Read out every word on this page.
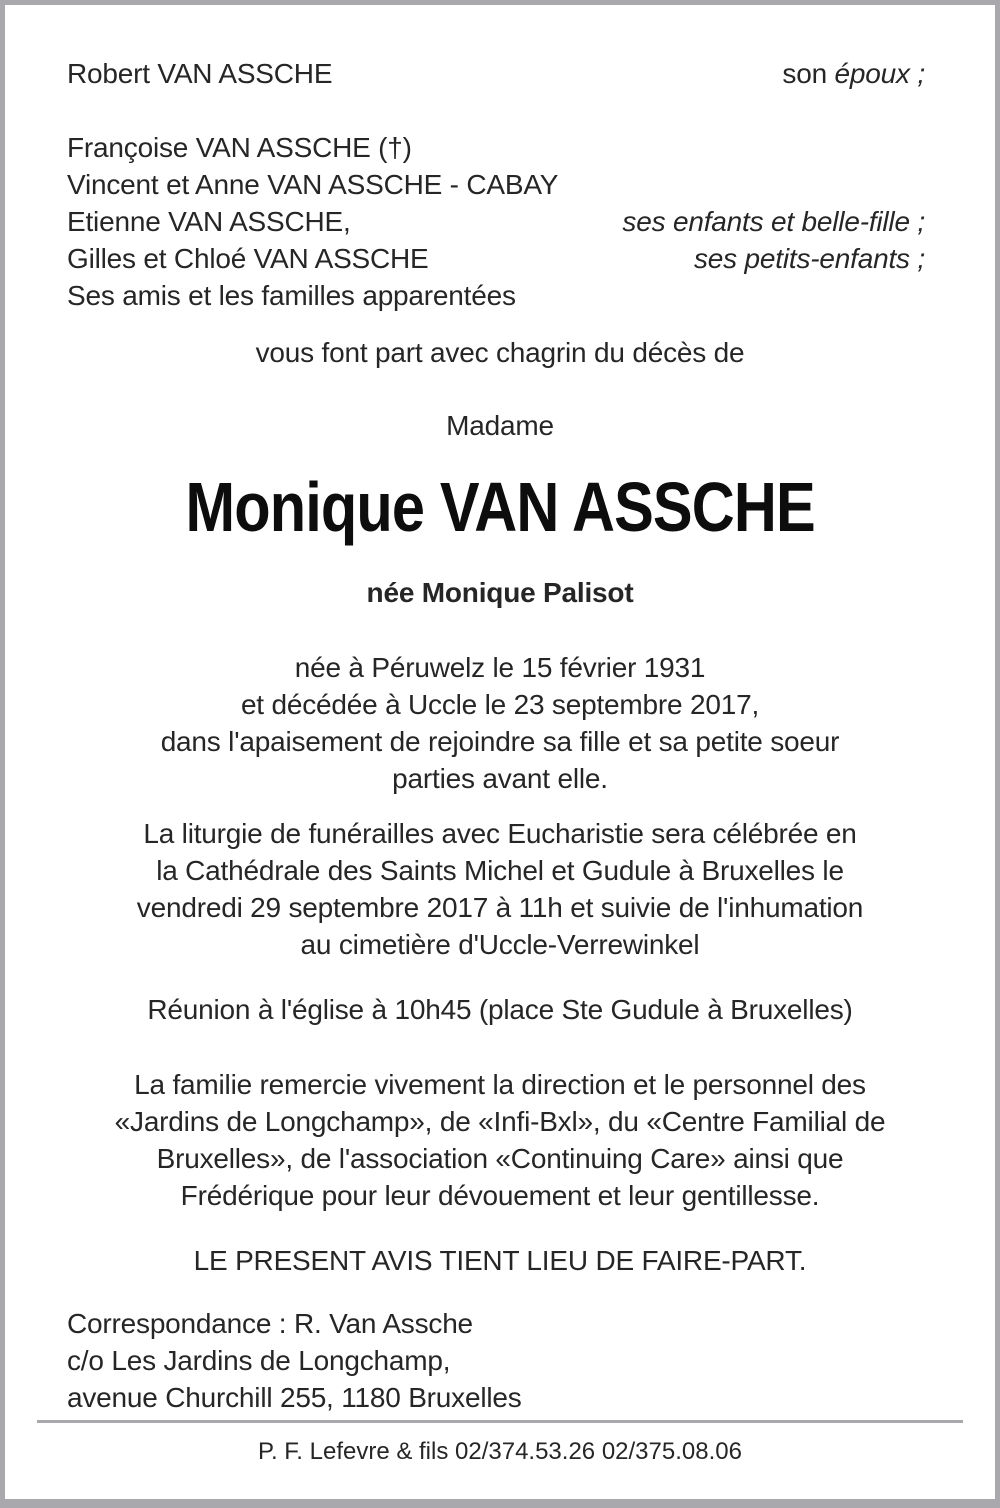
Robert VAN ASSCHE	son époux ;
Françoise VAN ASSCHE (†)
Vincent et Anne VAN ASSCHE - CABAY
Etienne VAN ASSCHE,	ses enfants et belle-fille ;
Gilles et Chloé VAN ASSCHE	ses petits-enfants ;
Ses amis et les familles apparentées
vous font part avec chagrin du décès de
Madame
Monique VAN ASSCHE
née Monique Palisot
née à Péruwelz le 15 février 1931
et décédée à Uccle le 23 septembre 2017,
dans l'apaisement de rejoindre sa fille et sa petite soeur
parties avant elle.
La liturgie de funérailles avec Eucharistie sera célébrée en
la Cathédrale des Saints Michel et Gudule à Bruxelles le
vendredi 29 septembre 2017 à 11h et suivie de l'inhumation
au cimetière d'Uccle-Verrewinkel
Réunion à l'église à 10h45 (place Ste Gudule à Bruxelles)
La familie remercie vivement la direction et le personnel des
«Jardins de Longchamp», de «Infi-Bxl», du «Centre Familial de
Bruxelles», de l'association «Continuing Care» ainsi que
Frédérique pour leur dévouement et leur gentillesse.
LE PRESENT AVIS TIENT LIEU DE FAIRE-PART.
Correspondance : R. Van Assche
c/o Les Jardins de Longchamp,
avenue Churchill 255, 1180 Bruxelles
P. F. Lefevre & fils 02/374.53.26 02/375.08.06
